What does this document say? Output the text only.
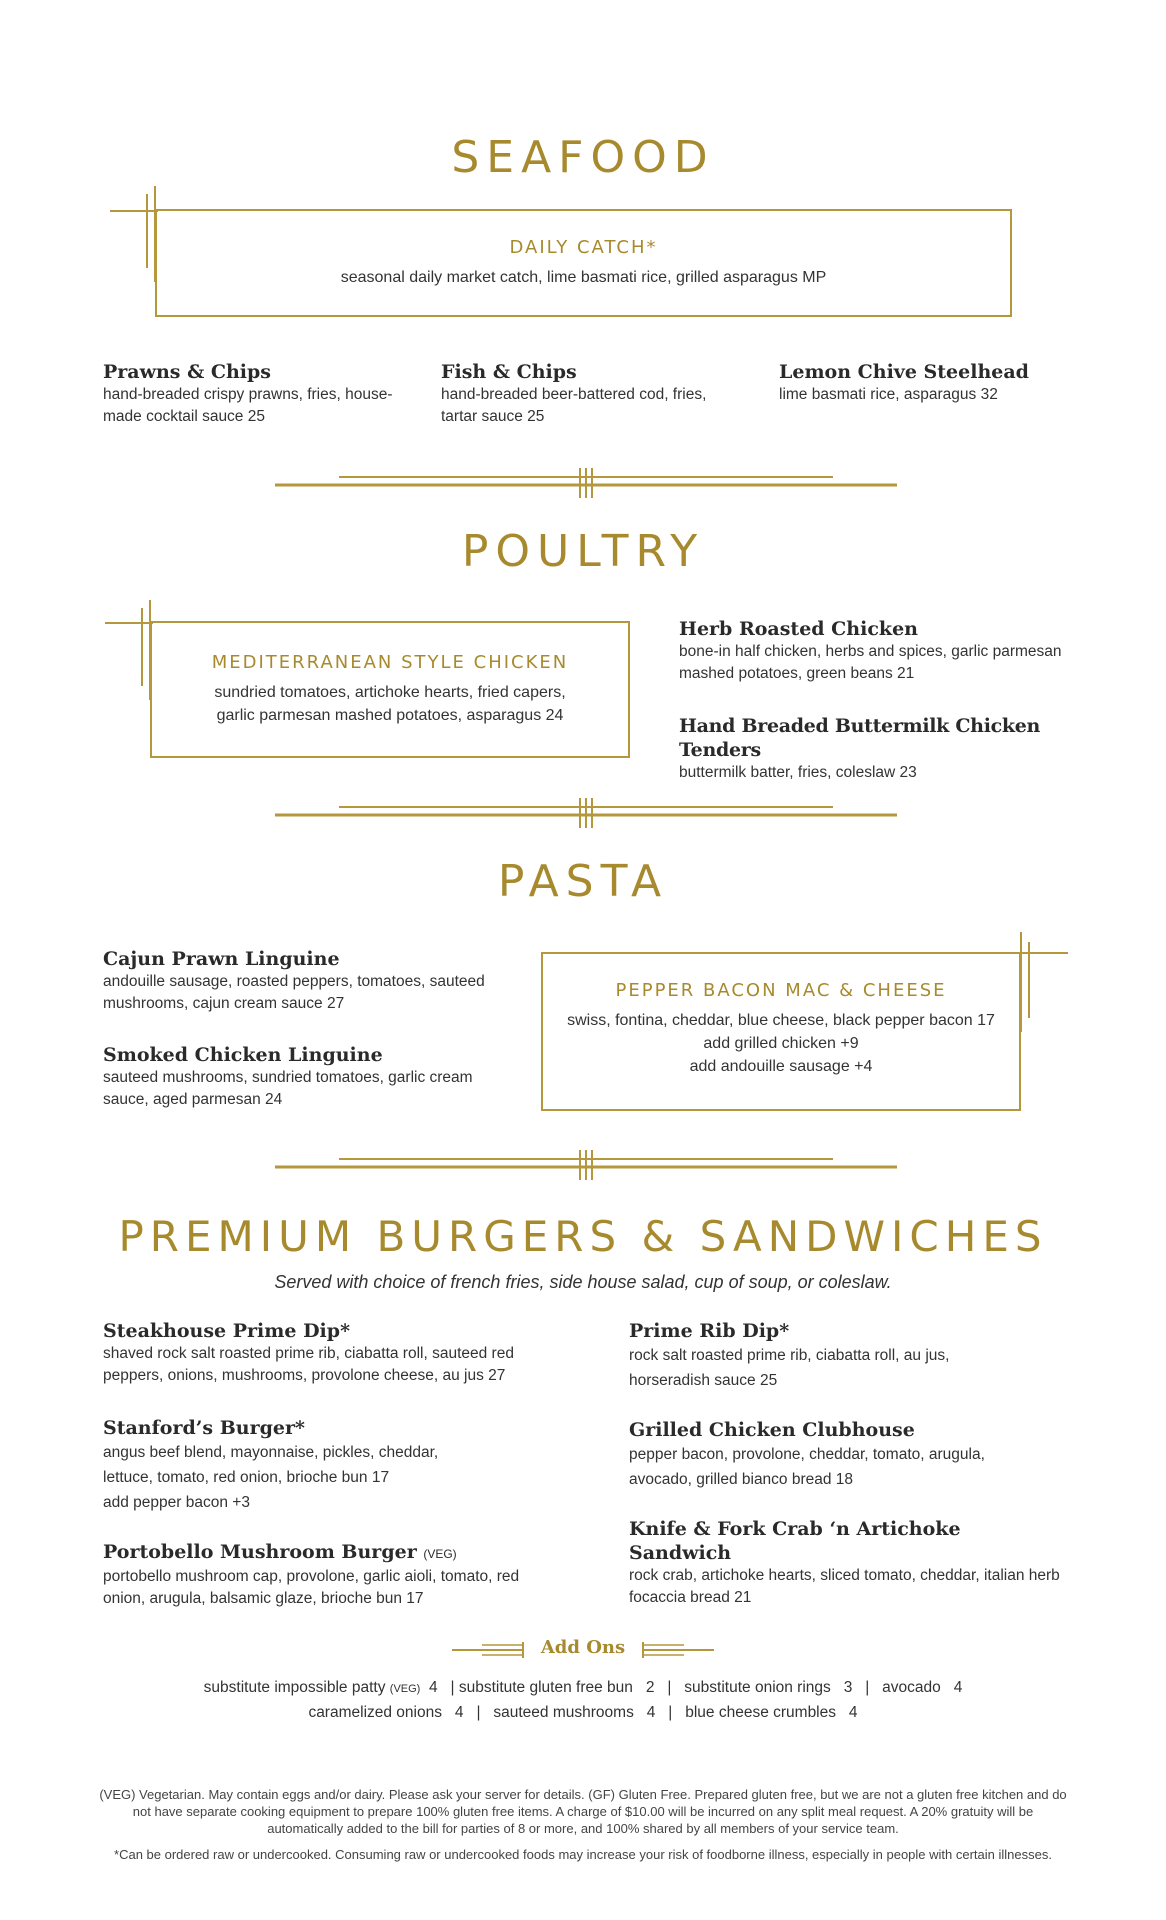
SEAFOOD
DAILY CATCH*
seasonal daily market catch, lime basmati rice, grilled asparagus MP
Prawns & Chips
hand-breaded crispy prawns, fries, house-made cocktail sauce 25
Fish & Chips
hand-breaded beer-battered cod, fries, tartar sauce 25
Lemon Chive Steelhead
lime basmati rice, asparagus 32
POULTRY
MEDITERRANEAN STYLE CHICKEN
sundried tomatoes, artichoke hearts, fried capers, garlic parmesan mashed potatoes, asparagus 24
Herb Roasted Chicken
bone-in half chicken, herbs and spices, garlic parmesan mashed potatoes, green beans 21
Hand Breaded Buttermilk Chicken Tenders
buttermilk batter, fries, coleslaw 23
PASTA
Cajun Prawn Linguine
andouille sausage, roasted peppers, tomatoes, sauteed mushrooms, cajun cream sauce 27
Smoked Chicken Linguine
sauteed mushrooms, sundried tomatoes, garlic cream sauce, aged parmesan 24
PEPPER BACON MAC & CHEESE
swiss, fontina, cheddar, blue cheese, black pepper bacon 17
add grilled chicken +9
add andouille sausage +4
PREMIUM BURGERS & SANDWICHES
Served with choice of french fries, side house salad, cup of soup, or coleslaw.
Steakhouse Prime Dip*
shaved rock salt roasted prime rib, ciabatta roll, sauteed red peppers, onions, mushrooms, provolone cheese, au jus 27
Stanford’s Burger*
angus beef blend, mayonnaise, pickles, cheddar, lettuce, tomato, red onion, brioche bun 17
add pepper bacon +3
Portobello Mushroom Burger (VEG)
portobello mushroom cap, provolone, garlic aioli, tomato, red onion, arugula, balsamic glaze, brioche bun 17
Prime Rib Dip*
rock salt roasted prime rib, ciabatta roll, au jus,
horseradish sauce 25
Grilled Chicken Clubhouse
pepper bacon, provolone, cheddar, tomato, arugula,
avocado, grilled bianco bread 18
Knife & Fork Crab ‘n Artichoke Sandwich
rock crab, artichoke hearts, sliced tomato, cheddar, italian herb focaccia bread 21
Add Ons
substitute impossible patty (VEG)  4   | substitute gluten free bun   2   |   substitute onion rings   3   |   avocado   4
caramelized onions   4   |   sauteed mushrooms   4   |   blue cheese crumbles   4
(VEG) Vegetarian. May contain eggs and/or dairy. Please ask your server for details. (GF) Gluten Free. Prepared gluten free, but we are not a gluten free kitchen and do not have separate cooking equipment to prepare 100% gluten free items. A charge of $10.00 will be incurred on any split meal request. A 20% gratuity will be automatically added to the bill for parties of 8 or more, and 100% shared by all members of your service team.
*Can be ordered raw or undercooked. Consuming raw or undercooked foods may increase your risk of foodborne illness, especially in people with certain illnesses.
